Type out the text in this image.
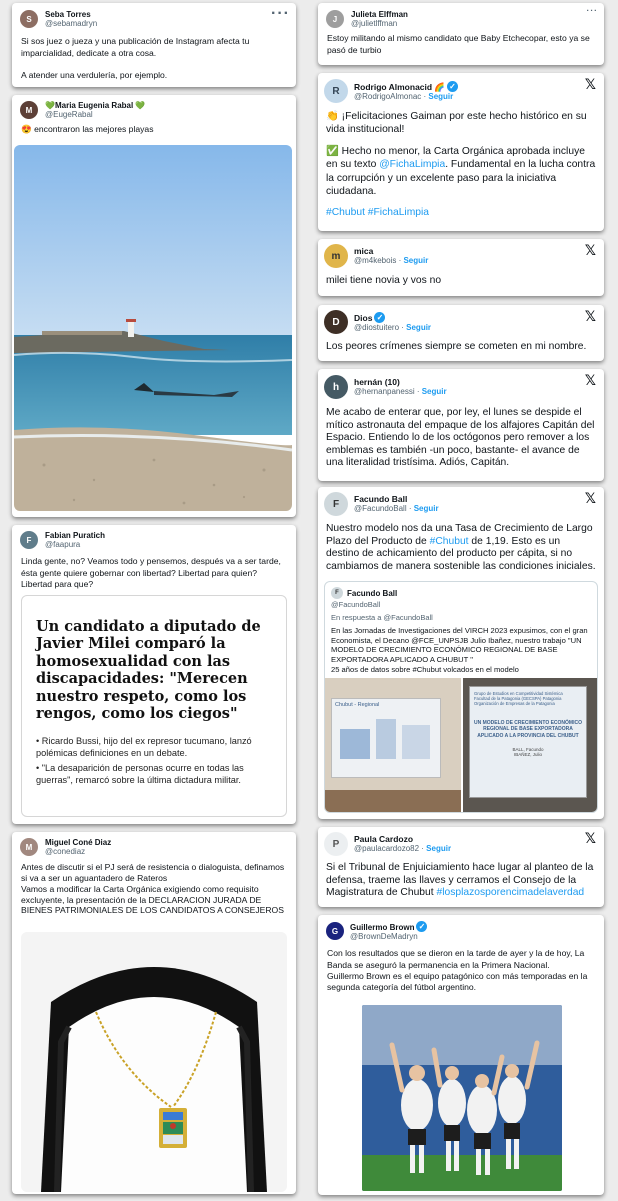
S
Seba Torres
@sebamadryn
···
Si sos juez o jueza y una publicación de Instagram afecta tu imparcialidad, dedicate a otra cosa.

A atender una verdulería, por ejemplo.
M
💚Maria Eugenia Rabal 💚
@EugeRabal
😍 encontraron las mejores playas
F
Fabian Puratich
@faapura
Linda gente, no? Veamos todo y pensemos, después va a ser tarde, ésta gente quiere gobernar con libertad? Libertad para quien? Libertad para que?
Un candidato a diputado de Javier Milei comparó la homosexualidad con las discapacidades: "Merecen nuestro respeto, como los rengos, como los ciegos"
• Ricardo Bussi, hijo del ex represor tucumano, lanzó polémicas definiciones en un debate.
• "La desaparición de personas ocurre en todas las guerras", remarcó sobre la última dictadura militar.
M
Miguel Coné Diaz
@conediaz
Antes de discutir si el PJ será de resistencia o dialoguista, definamos si va a ser un aguantadero de Rateros
Vamos a modificar la Carta Orgánica exigiendo como requisito excluyente, la presentación de la DECLARACION JURADA DE BIENES PATRIMONIALES DE LOS CANDIDATOS A CONSEJEROS
J
Julieta Elffman
@julietlffman
···
Estoy militando al mismo candidato que Baby Etchecopar, esto ya se pasó de turbio
R	Rodrigo Almonacid 🌈 ✓
@RodrigoAlmonac · Seguir
𝕏
👏 ¡Felicitaciones Gaiman por este hecho histórico en su vida institucional!
✅ Hecho no menor, la Carta Orgánica aprobada incluye en su texto @FichaLimpia. Fundamental en la lucha contra la corrupción y un excelente paso para la iniciativa ciudadana.
#Chubut #FichaLimpia
m	mica
@m4kebois · Seguir
𝕏
milei tiene novia y vos no
D	Dios ✓
@diostuitero · Seguir
𝕏
Los peores crímenes siempre se cometen en mi nombre.
h	hernán (10)
@hernanpanessi · Seguir
𝕏
Me acabo de enterar que, por ley, el lunes se despide el mítico astronauta del empaque de los alfajores Capitán del Espacio. Entiendo lo de los octógonos pero remover a los emblemas es también -un poco, bastante- el avance de una literalidad tristísima. Adiós, Capitán.
F	Facundo Ball
@FacundoBall · Seguir
𝕏
Nuestro modelo nos da una Tasa de Crecimiento de Largo Plazo del Producto de #Chubut de 1,19. Esto es un destino de achicamiento del producto per cápita, si no cambiamos de manera sostenible las condiciones iniciales.
F	Facundo Ball
@FacundoBall
En respuesta a @FacundoBall
En las Jornadas de Investigaciones del VIRCH 2023 expusimos, con el gran Economista, el Decano @FCE_UNPSJB Julio Ibañez, nuestro trabajo "UN MODELO DE CRECIMIENTO ECONÓMICO REGIONAL DE BASE EXPORTADORA APLICADO A CHUBUT "
25 años de datos sobre #Chubut volcados en el modelo
Chubut - Regional
Grupo de Estudios en Competitividad Sistémica
Facultad de la Patagonia (GECSPA) Patagonia
Organización de Empresas de la Patagonia
UN MODELO DE CRECIMIENTO ECONÓMICO REGIONAL DE BASE EXPORTADORA APLICADO A LA PROVINCIA DEL CHUBUT
BALL, Facundo
IBAÑEZ, Julio
P	Paula Cardozo
@paulacardozo82 · Seguir
𝕏
Si el Tribunal de Enjuiciamiento hace lugar al planteo de la defensa, traeme las llaves y cerramos el Consejo de la Magistratura de Chubut #losplazosporencimadelaverdad
G	Guillermo Brown ✓
@BrownDeMadryn
Con los resultados que se dieron en la tarde de ayer y la de hoy, La Banda se aseguró la permanencia en la Primera Nacional.
Guillermo Brown es el equipo patagónico con más temporadas en la segunda categoría del fútbol argentino.
